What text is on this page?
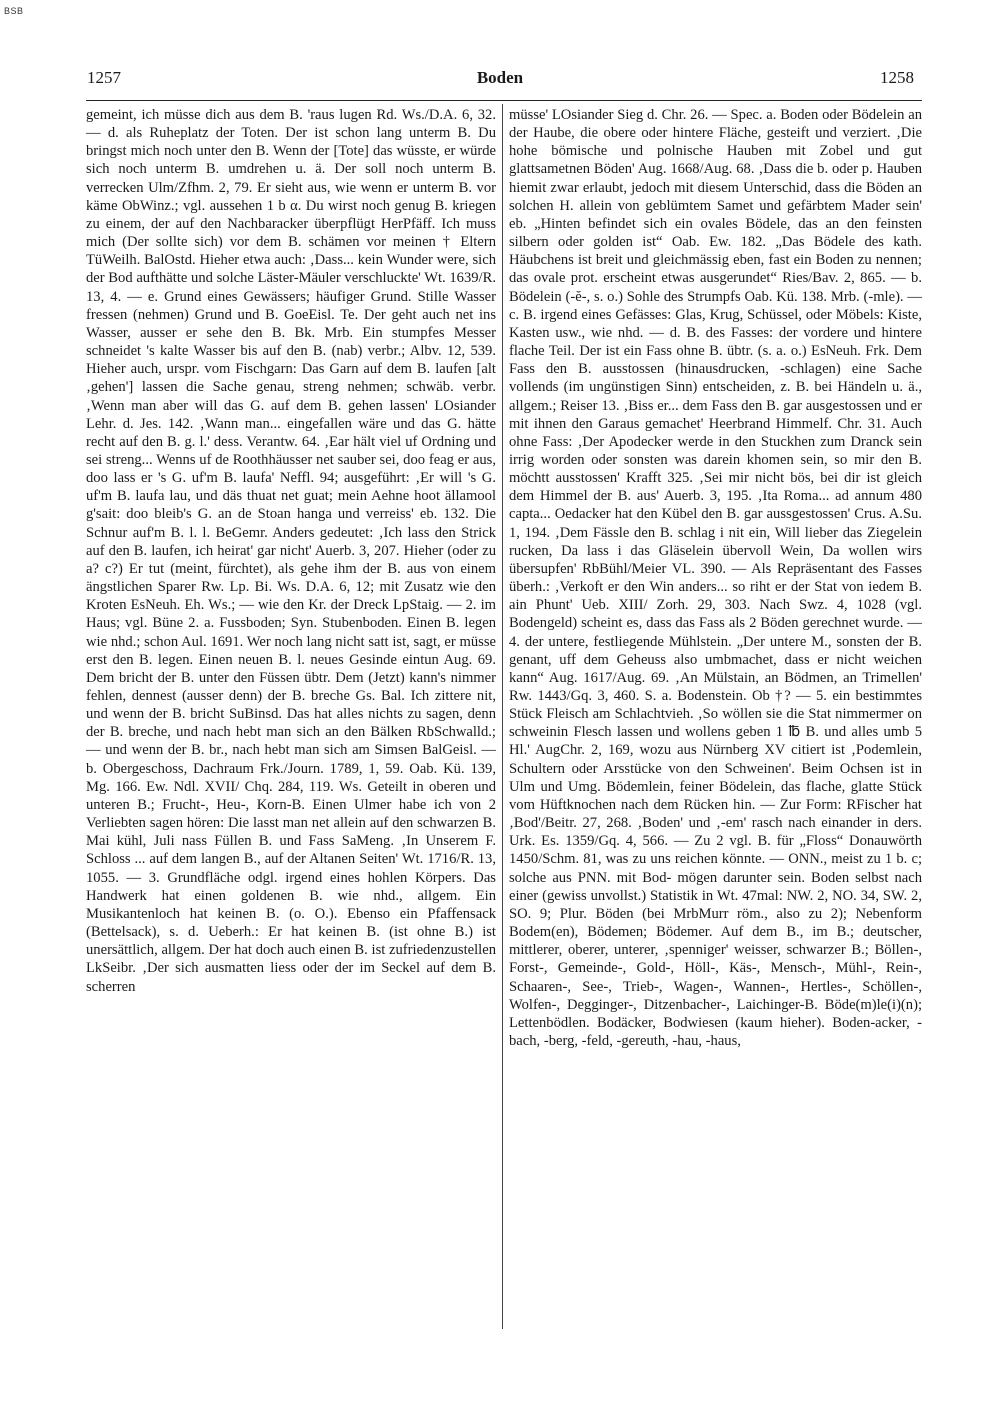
BSB
1257	Boden	1258
gemeint, ich müsse dich aus dem B. 'raus lugen Rd. Ws./D.A. 6, 32. — d. als Ruheplatz der Toten. Der ist schon lang unterm B. Du bringst mich noch unter den B. Wenn der [Tote] das wüsste, er würde sich noch unterm B. umdrehen u. ä. Der soll noch unterm B. verrecken Ulm/Zfhm. 2, 79. Er sieht aus, wie wenn er unterm B. vor käme ObWinz.; vgl. aussehen 1 b α. Du wirst noch genug B. kriegen zu einem, der auf den Nachbaracker überpflügt HerPfäff. Ich muss mich (Der sollte sich) vor dem B. schämen vor meinen † Eltern TüWeilh. BalOstd. Hieher etwa auch: ‚Dass... kein Wunder were, sich der Bod aufthätte und solche Läster-Mäuler verschluckte' Wt. 1639/R. 13, 4. — e. Grund eines Gewässers; häufiger Grund. Stille Wasser fressen (nehmen) Grund und B. GoeEisl. Te. Der geht auch net ins Wasser, ausser er sehe den B. Bk. Mrb. Ein stumpfes Messer schneidet 's kalte Wasser bis auf den B. (nab) verbr.; Albv. 12, 539. Hieher auch, urspr. vom Fischgarn: Das Garn auf dem B. laufen [alt ‚gehen'] lassen die Sache genau, streng nehmen; schwäb. verbr. ‚Wenn man aber will das G. auf dem B. gehen lassen' LOsiander Lehr. d. Jes. 142. ‚Wann man... eingefallen wäre und das G. hätte recht auf den B. g. l.' dess. Verantw. 64. ‚Ear hält viel uf Ordning und sei streng... Wenns uf de Roothhäusser net sauber sei, doo feag er aus, doo lass er 's G. uf'm B. laufa' Neffl. 94; ausgeführt: ‚Er will 's G. uf'm B. laufa lau, und däs thuat net guat; mein Aehne hoot ällamool g'sait: doo bleib's G. an de Stoan hanga und verreiss' eb. 132. Die Schnur auf'm B. l. l. BeGemr. Anders gedeutet: ‚Ich lass den Strick auf den B. laufen, ich heirat' gar nicht' Auerb. 3, 207. Hieher (oder zu a? c?) Er tut (meint, fürchtet), als gehe ihm der B. aus von einem ängstlichen Sparer Rw. Lp. Bi. Ws. D.A. 6, 12; mit Zusatz wie den Kroten EsNeuh. Eh. Ws.; — wie den Kr. der Dreck LpStaig. — 2. im Haus; vgl. Büne 2. a. Fussboden; Syn. Stubenboden. Einen B. legen wie nhd.; schon Aul. 1691. Wer noch lang nicht satt ist, sagt, er müsse erst den B. legen. Einen neuen B. l. neues Gesinde eintun Aug. 69. Dem bricht der B. unter den Füssen übtr. Dem (Jetzt) kann's nimmer fehlen, dennest (ausser denn) der B. breche Gs. Bal. Ich zittere nit, und wenn der B. bricht SuBinsd. Das hat alles nichts zu sagen, denn der B. breche, und nach hebt man sich an den Bälken RbSchwalld.; — und wenn der B. br., nach hebt man sich am Simsen BalGeisl. — b. Obergeschoss, Dachraum Frk./Journ. 1789, 1, 59. Oab. Kü. 139, Mg. 166. Ew. Ndl. XVII/ Chq. 284, 119. Ws. Geteilt in oberen und unteren B.; Frucht-, Heu-, Korn-B. Einen Ulmer habe ich von 2 Verliebten sagen hören: Die lasst man net allein auf den schwarzen B. Mai kühl, Juli nass Füllen B. und Fass SaMeng. ‚In Unserem F. Schloss ... auf dem langen B., auf der Altanen Seiten' Wt. 1716/R. 13, 1055. — 3. Grundfläche odgl. irgend eines hohlen Körpers. Das Handwerk hat einen goldenen B. wie nhd., allgem. Ein Musikantenloch hat keinen B. (o. O.). Ebenso ein Pfaffensack (Bettelsack), s. d. Ueberh.: Er hat keinen B. (ist ohne B.) ist unersättlich, allgem. Der hat doch auch einen B. ist zufriedenzustellen LkSeibr. ‚Der sich ausmatten liess oder der im Seckel auf dem B. scherren
müsse' LOsiander Sieg d. Chr. 26. — Spec. a. Boden oder Bödelein an der Haube, die obere oder hintere Fläche, gesteift und verziert. ‚Die hohe bömische und polnische Hauben mit Zobel und gut glattsametnen Böden' Aug. 1668/Aug. 68. ‚Dass die b. oder p. Hauben hiemit zwar erlaubt, jedoch mit diesem Unterschid, dass die Böden an solchen H. allein von geblümtem Samet und gefärbtem Mader sein' eb. „Hinten befindet sich ein ovales Bödele, das an den feinsten silbern oder golden ist“ Oab. Ew. 182. „Das Bödele des kath. Häubchens ist breit und gleichmässig eben, fast ein Boden zu nennen; das ovale prot. erscheint etwas ausgerundet“ Ries/Bav. 2, 865. — b. Bödelein (-ĕ-, s. o.) Sohle des Strumpfs Oab. Kü. 138. Mrb. (-mle). — c. B. irgend eines Gefässes: Glas, Krug, Schüssel, oder Möbels: Kiste, Kasten usw., wie nhd. — d. B. des Fasses: der vordere und hintere flache Teil. Der ist ein Fass ohne B. übtr. (s. a. o.) EsNeuh. Frk. Dem Fass den B. ausstossen (hinausdrucken, -schlagen) eine Sache vollends (im ungünstigen Sinn) entscheiden, z. B. bei Händeln u. ä., allgem.; Reiser 13. ‚Biss er... dem Fass den B. gar ausgestossen und er mit ihnen den Garaus gemachet' Heerbrand Himmelf. Chr. 31. Auch ohne Fass: ‚Der Apodecker werde in den Stuckhen zum Dranck sein irrig worden oder sonsten was darein khomen sein, so mir den B. möchtt ausstossen' Krafft 325. ‚Sei mir nicht bös, bei dir ist gleich dem Himmel der B. aus' Auerb. 3, 195. ‚Ita Roma... ad annum 480 capta... Oedacker hat den Kübel den B. gar aussgestossen' Crus. A.Su. 1, 194. ‚Dem Fässle den B. schlag i nit ein, Will lieber das Ziegelein rucken, Da lass i das Gläselein übervoll Wein, Da wollen wirs übersupfen' RbBühl/Meier VL. 390. — Als Repräsentant des Fasses überh.: ‚Verkoft er den Win anders... so riht er der Stat von iedem B. ain Phunt' Ueb. XIII/ Zorh. 29, 303. Nach Swz. 4, 1028 (vgl. Bodengeld) scheint es, dass das Fass als 2 Böden gerechnet wurde. — 4. der untere, festliegende Mühlstein. „Der untere M., sonsten der B. genant, uff dem Geheuss also umbmachet, dass er nicht weichen kann“ Aug. 1617/Aug. 69. ‚An Mülstain, an Bödmen, an Trimellen' Rw. 1443/Gq. 3, 460. S. a. Bodenstein. Ob †? — 5. ein bestimmtes Stück Fleisch am Schlachtvieh. ‚So wöllen sie die Stat nimmermer on schweinin Flesch lassen und wollens geben 1 ℔ B. und alles umb 5 Hl.' AugChr. 2, 169, wozu aus Nürnberg XV citiert ist ‚Podemlein, Schultern oder Arsstücke von den Schweinen'. Beim Ochsen ist in Ulm und Umg. Bödemlein, feiner Bödelein, das flache, glatte Stück vom Hüftknochen nach dem Rücken hin. — Zur Form: RFischer hat ‚Bod'/Beitr. 27, 268. ‚Boden' und ‚-em' rasch nach einander in ders. Urk. Es. 1359/Gq. 4, 566. — Zu 2 vgl. B. für „Floss“ Donauwörth 1450/Schm. 81, was zu uns reichen könnte. — ONN., meist zu 1 b. c; solche aus PNN. mit Bod- mögen darunter sein. Boden selbst nach einer (gewiss unvollst.) Statistik in Wt. 47mal: NW. 2, NO. 34, SW. 2, SO. 9; Plur. Böden (bei MrbMurr röm., also zu 2); Nebenform Bodem(en), Bödemen; Bödemer. Auf dem B., im B.; deutscher, mittlerer, oberer, unterer, ‚spenniger' weisser, schwarzer B.; Böllen-, Forst-, Gemeinde-, Gold-, Höll-, Käs-, Mensch-, Mühl-, Rein-, Schaaren-, See-, Trieb-, Wagen-, Wannen-, Hertles-, Schöllen-, Wolfen-, Degginger-, Ditzenbacher-, Laichinger-B. Böde(m)le(i)(n); Lettenbödlen. Bodäcker, Bodwiesen (kaum hieher). Boden-acker, -bach, -berg, -feld, -gereuth, -hau, -haus,
